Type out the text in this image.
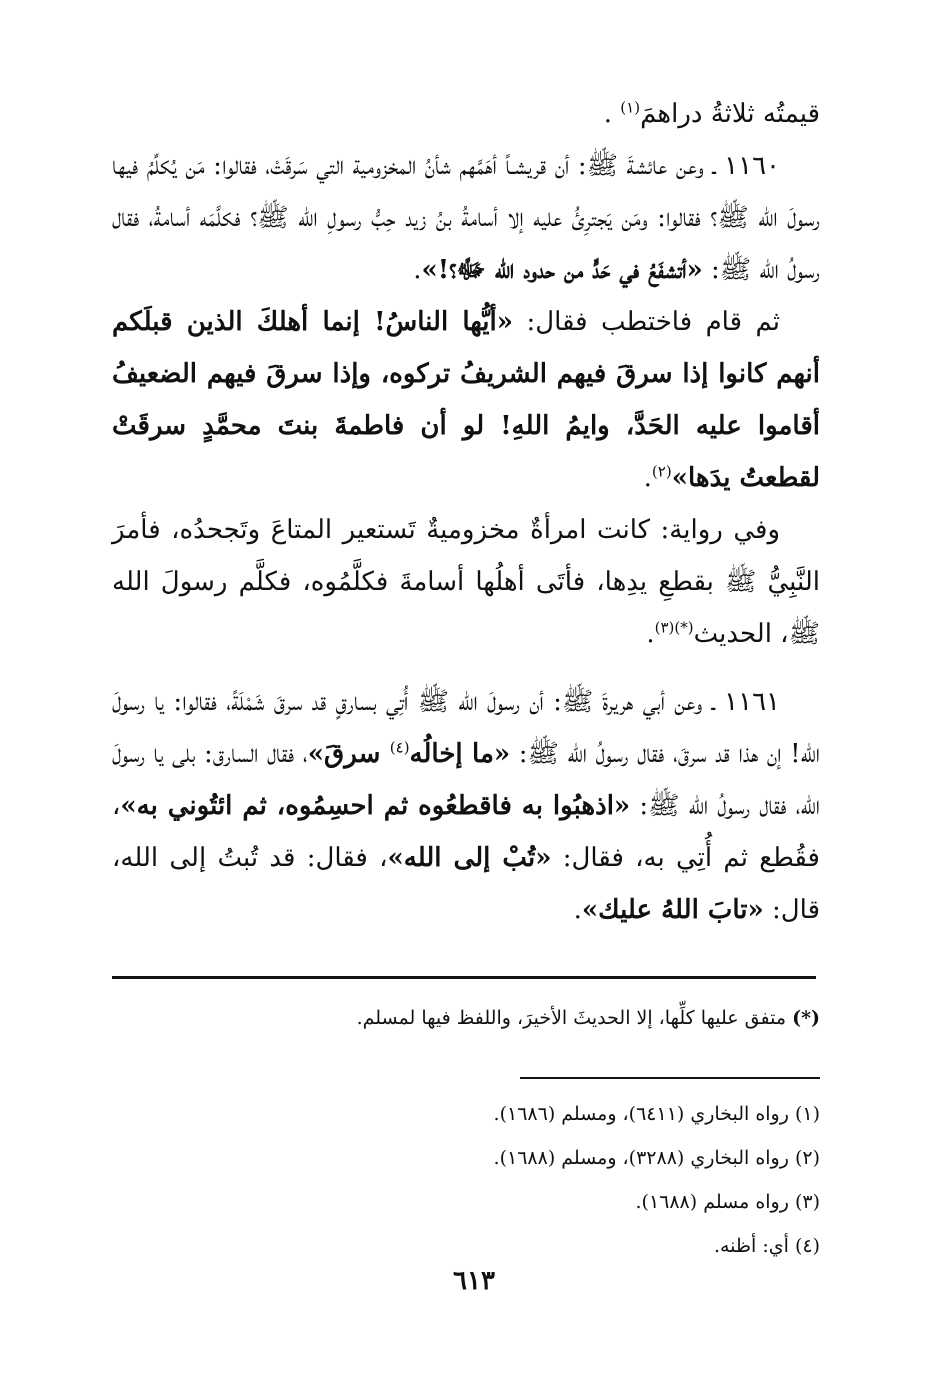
قيمتُه ثلاثةُ دراهمَ$^{(١)}$ .

١١٦٠ ـ وعن عائشةَ ﷺ: أن قريشـاً أهَمَّهم شأنُ المخزومية التي سَرقَتْ، فقالوا: مَن يُكلِّمُ فيها رسولَ الله ﷺ؟ فقالوا: ومَن يَجترِئُ عليه إلا أسامةُ بنُ زيد حِبُّ رسولِ الله ﷺ؟ فكلَّمَه أسامةُ، فقال رسولُ الله ﷺ: «أتشفَعُ في حَدٍّ من حدود الله ﷻ؟!».

ثم قام فاختطب فقال: «أيُّها الناسُ! إنما أهلكَ الذين قبلَكم أنهم كانوا إذا سرقَ فيهم الشريفُ تركوه، وإذا سرقَ فيهم الضعيفُ أقاموا عليه الحَدَّ، وايمُ اللهِ! لو أن فاطمةَ بنتَ محمَّدٍ سرقَتْ لقطعتُ يدَها»$^{(٢)}$.

وفي رواية: كانت امرأةٌ مخزوميةٌ تَستعير المتاعَ وتَجحدُه، فأمرَ النَّبِيُّ ﷺ بقطعِ يدِها، فأتَى أهلُها أسامةَ فكلَّمُوه، فكلَّم رسولَ الله ﷺ، الحديث$^{(*)(٣)}$.

١١٦١ ـ وعن أبي هريرةَ ﷺ: أن رسولَ الله ﷺ أُتِي بسارقٍ قد سرقَ شَمْلَةً، فقالوا: يا رسولَ الله! إن هذا قد سرقَ، فقال رسولُ الله ﷺ: «ما إخالُه$^{(٤)}$ سرقَ»، فقال السارق: بلى يا رسولَ الله، فقال رسولُ الله ﷺ: «اذهبُوا به فاقطعُوه ثم احسِمُوه، ثم ائتُوني به»، فقُطع ثم أُتِي به، فقال: «تُبْ إلى الله»، فقال: قد تُبتُ إلى الله، قال: «تابَ اللهُ عليك».

(*) متفق عليها كلِّها، إلا الحديثَ الأخيرَ، واللفظ فيها لمسلم.
(١) رواه البخاري (٦٤١١)، ومسلم (١٦٨٦).
(٢) رواه البخاري (٣٢٨٨)، ومسلم (١٦٨٨).
(٣) رواه مسلم (١٦٨٨).
(٤) أي: أظنه.
٦١٣
